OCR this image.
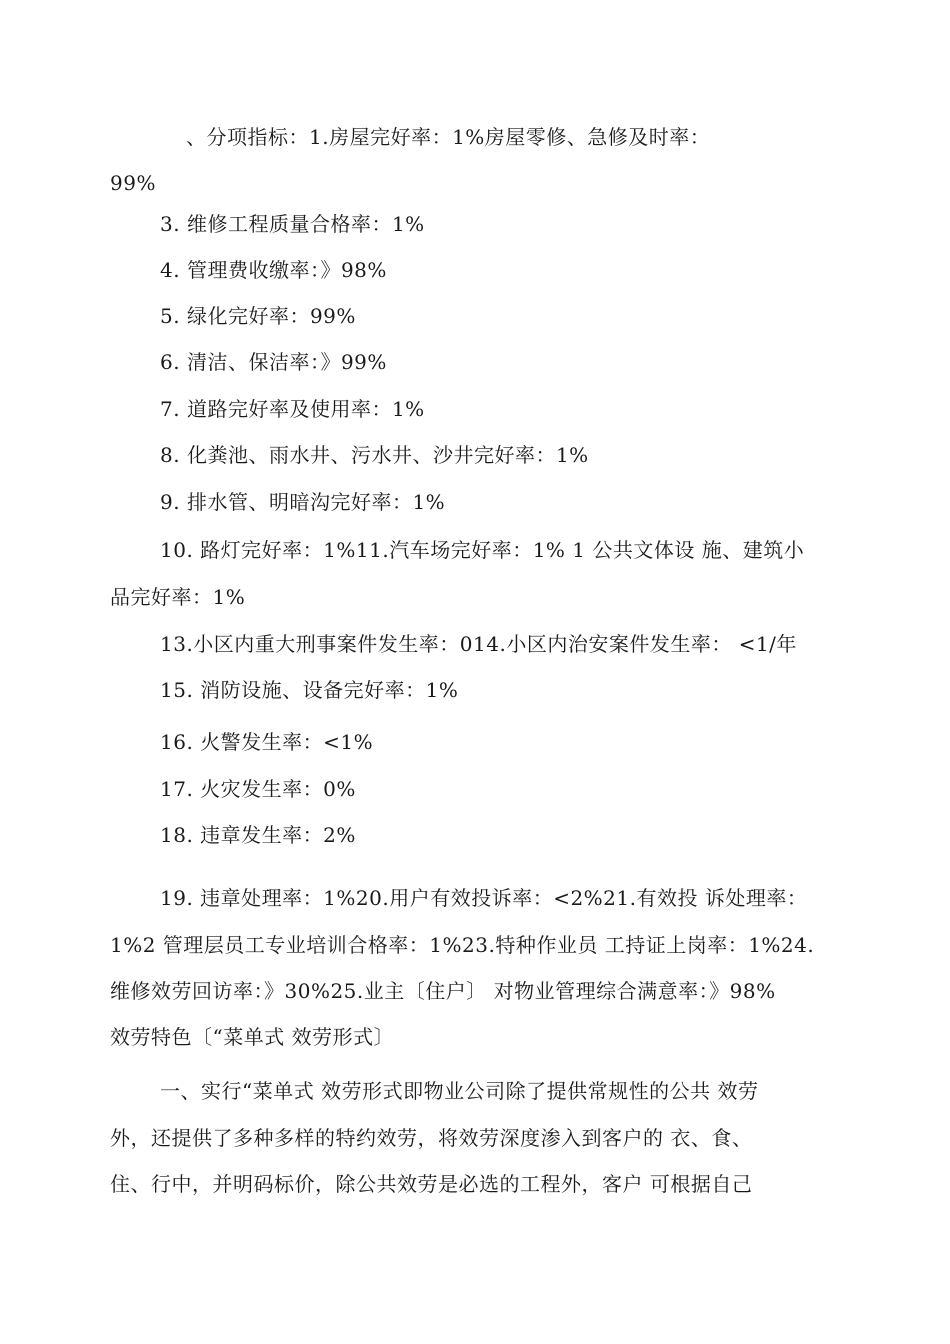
、分项指标：1.房屋完好率：1%房屋零修、急修及时率：
99%
3. 维修工程质量合格率：1%
4. 管理费收缴率：》98%
5. 绿化完好率：99%
6. 清洁、保洁率：》99%
7. 道路完好率及使用率：1%
8. 化粪池、雨水井、污水井、沙井完好率：1%
9. 排水管、明暗沟完好率：1%
10. 路灯完好率：1%11.汽车场完好率：1% 1 公共文体设 施、建筑小
品完好率：1%
13.小区内重大刑事案件发生率：014.小区内治安案件发生率： <1/年
15. 消防设施、设备完好率：1%
16. 火警发生率：<1%
17. 火灾发生率：0%
18. 违章发生率：2%
19. 违章处理率：1%20.用户有效投诉率：<2%21.有效投 诉处理率：
1%2 管理层员工专业培训合格率：1%23.特种作业员 工持证上岗率：1%24.
维修效劳回访率：》30%25.业主〔住户〕 对物业管理综合满意率：》98%
效劳特色〔“菜单式 效劳形式〕
一、实行“菜单式 效劳形式即物业公司除了提供常规性的公共 效劳
外，还提供了多种多样的特约效劳，将效劳深度渗入到客户的 衣、食、
住、行中，并明码标价，除公共效劳是必选的工程外，客户 可根据自己
